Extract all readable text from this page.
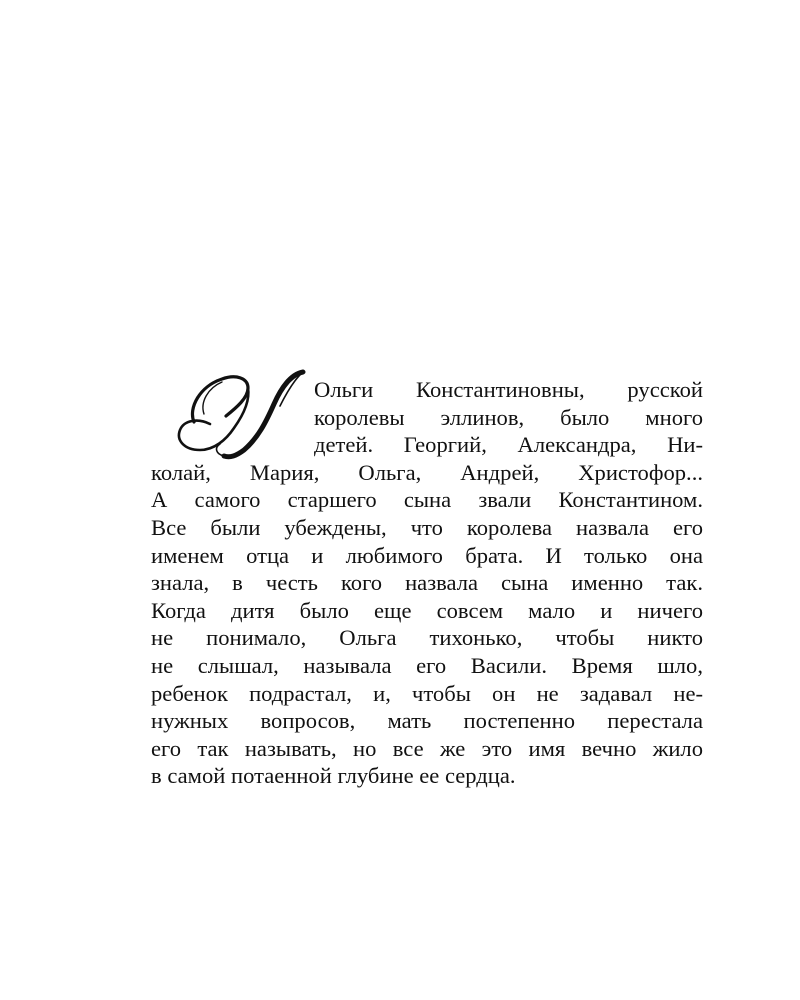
Ольги Константиновны, русской
королевы эллинов, было много
детей. Георгий, Александра, Ни-
колай, Мария, Ольга, Андрей, Христофор...
А самого старшего сына звали Константином.
Все были убеждены, что королева назвала его
именем отца и любимого брата. И только она
знала, в честь кого назвала сына именно так.
Когда дитя было еще совсем мало и ничего
не понимало, Ольга тихонько, чтобы никто
не слышал, называла его Васили. Время шло,
ребенок подрастал, и, чтобы он не задавал не-
нужных вопросов, мать постепенно перестала
его так называть, но все же это имя вечно жило
в самой потаенной глубине ее сердца.
